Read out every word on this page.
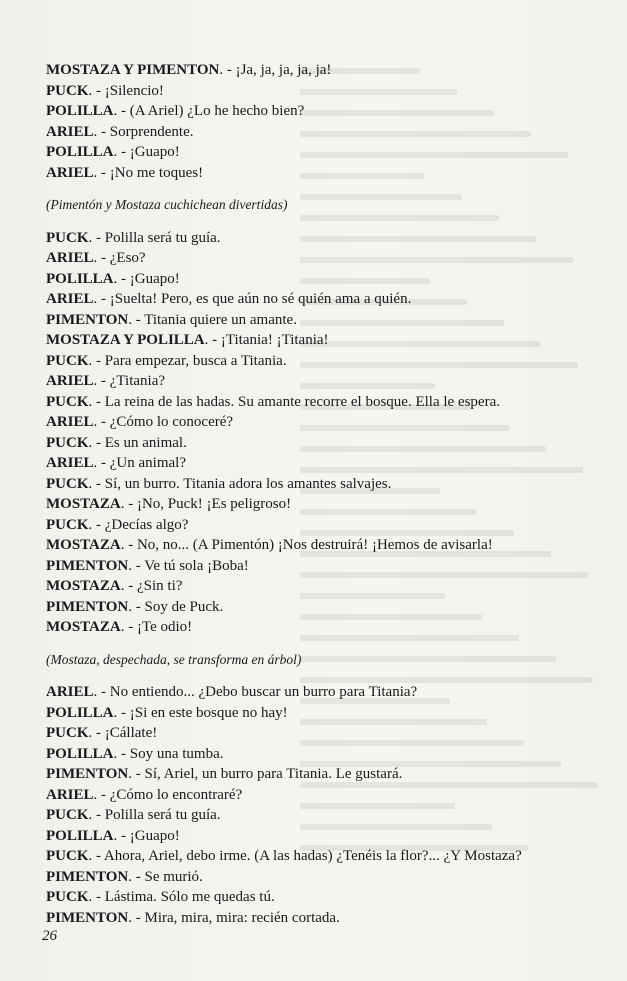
MOSTAZA Y PIMENTON. - ¡Ja, ja, ja, ja, ja!
PUCK. - ¡Silencio!
POLILLA. - (A Ariel) ¿Lo he hecho bien?
ARIEL. - Sorprendente.
POLILLA. - ¡Guapo!
ARIEL. - ¡No me toques!
(Pimentón y Mostaza cuchichean divertidas)
PUCK. - Polilla será tu guía.
ARIEL. - ¿Eso?
POLILLA. - ¡Guapo!
ARIEL. - ¡Suelta! Pero, es que aún no sé quién ama a quién.
PIMENTON. - Titania quiere un amante.
MOSTAZA Y POLILLA. - ¡Titania! ¡Titania!
PUCK. - Para empezar, busca a Titania.
ARIEL. - ¿Titania?
PUCK. - La reina de las hadas. Su amante recorre el bosque. Ella le espera.
ARIEL. - ¿Cómo lo conoceré?
PUCK. - Es un animal.
ARIEL. - ¿Un animal?
PUCK. - Sí, un burro. Titania adora los amantes salvajes.
MOSTAZA. - ¡No, Puck! ¡Es peligroso!
PUCK. - ¿Decías algo?
MOSTAZA. - No, no... (A Pimentón) ¡Nos destruirá! ¡Hemos de avisarla!
PIMENTON. - Ve tú sola ¡Boba!
MOSTAZA. - ¿Sin ti?
PIMENTON. - Soy de Puck.
MOSTAZA. - ¡Te odio!
(Mostaza, despechada, se transforma en árbol)
ARIEL. - No entiendo... ¿Debo buscar un burro para Titania?
POLILLA. - ¡Si en este bosque no hay!
PUCK. - ¡Cállate!
POLILLA. - Soy una tumba.
PIMENTON. - Sí, Ariel, un burro para Titania. Le gustará.
ARIEL. - ¿Cómo lo encontraré?
PUCK. - Polilla será tu guía.
POLILLA. - ¡Guapo!
PUCK. - Ahora, Ariel, debo irme. (A las hadas) ¿Tenéis la flor?... ¿Y Mostaza?
PIMENTON. - Se murió.
PUCK. - Lástima. Sólo me quedas tú.
PIMENTON. - Mira, mira, mira: recién cortada.
26
